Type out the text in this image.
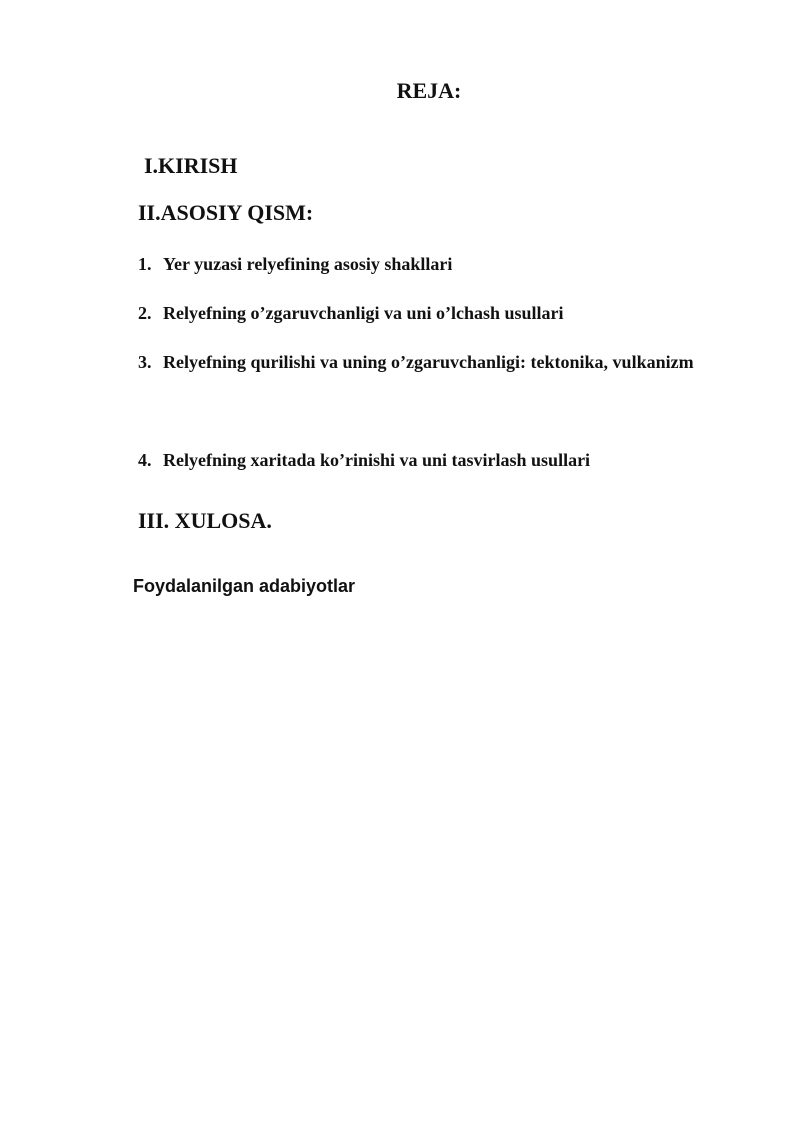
REJA:
I.KIRISH
II.ASOSIY QISM:
1. Yer yuzasi relyefining asosiy shakllari
2. Relyefning o’zgaruvchanligi va uni o’lchash usullari
3. Relyefning qurilishi va uning o’zgaruvchanligi: tektonika, vulkanizm
4. Relyefning xaritada ko’rinishi va uni tasvirlash usullari
III. XULOSA.
Foydalanilgan adabiyotlar
